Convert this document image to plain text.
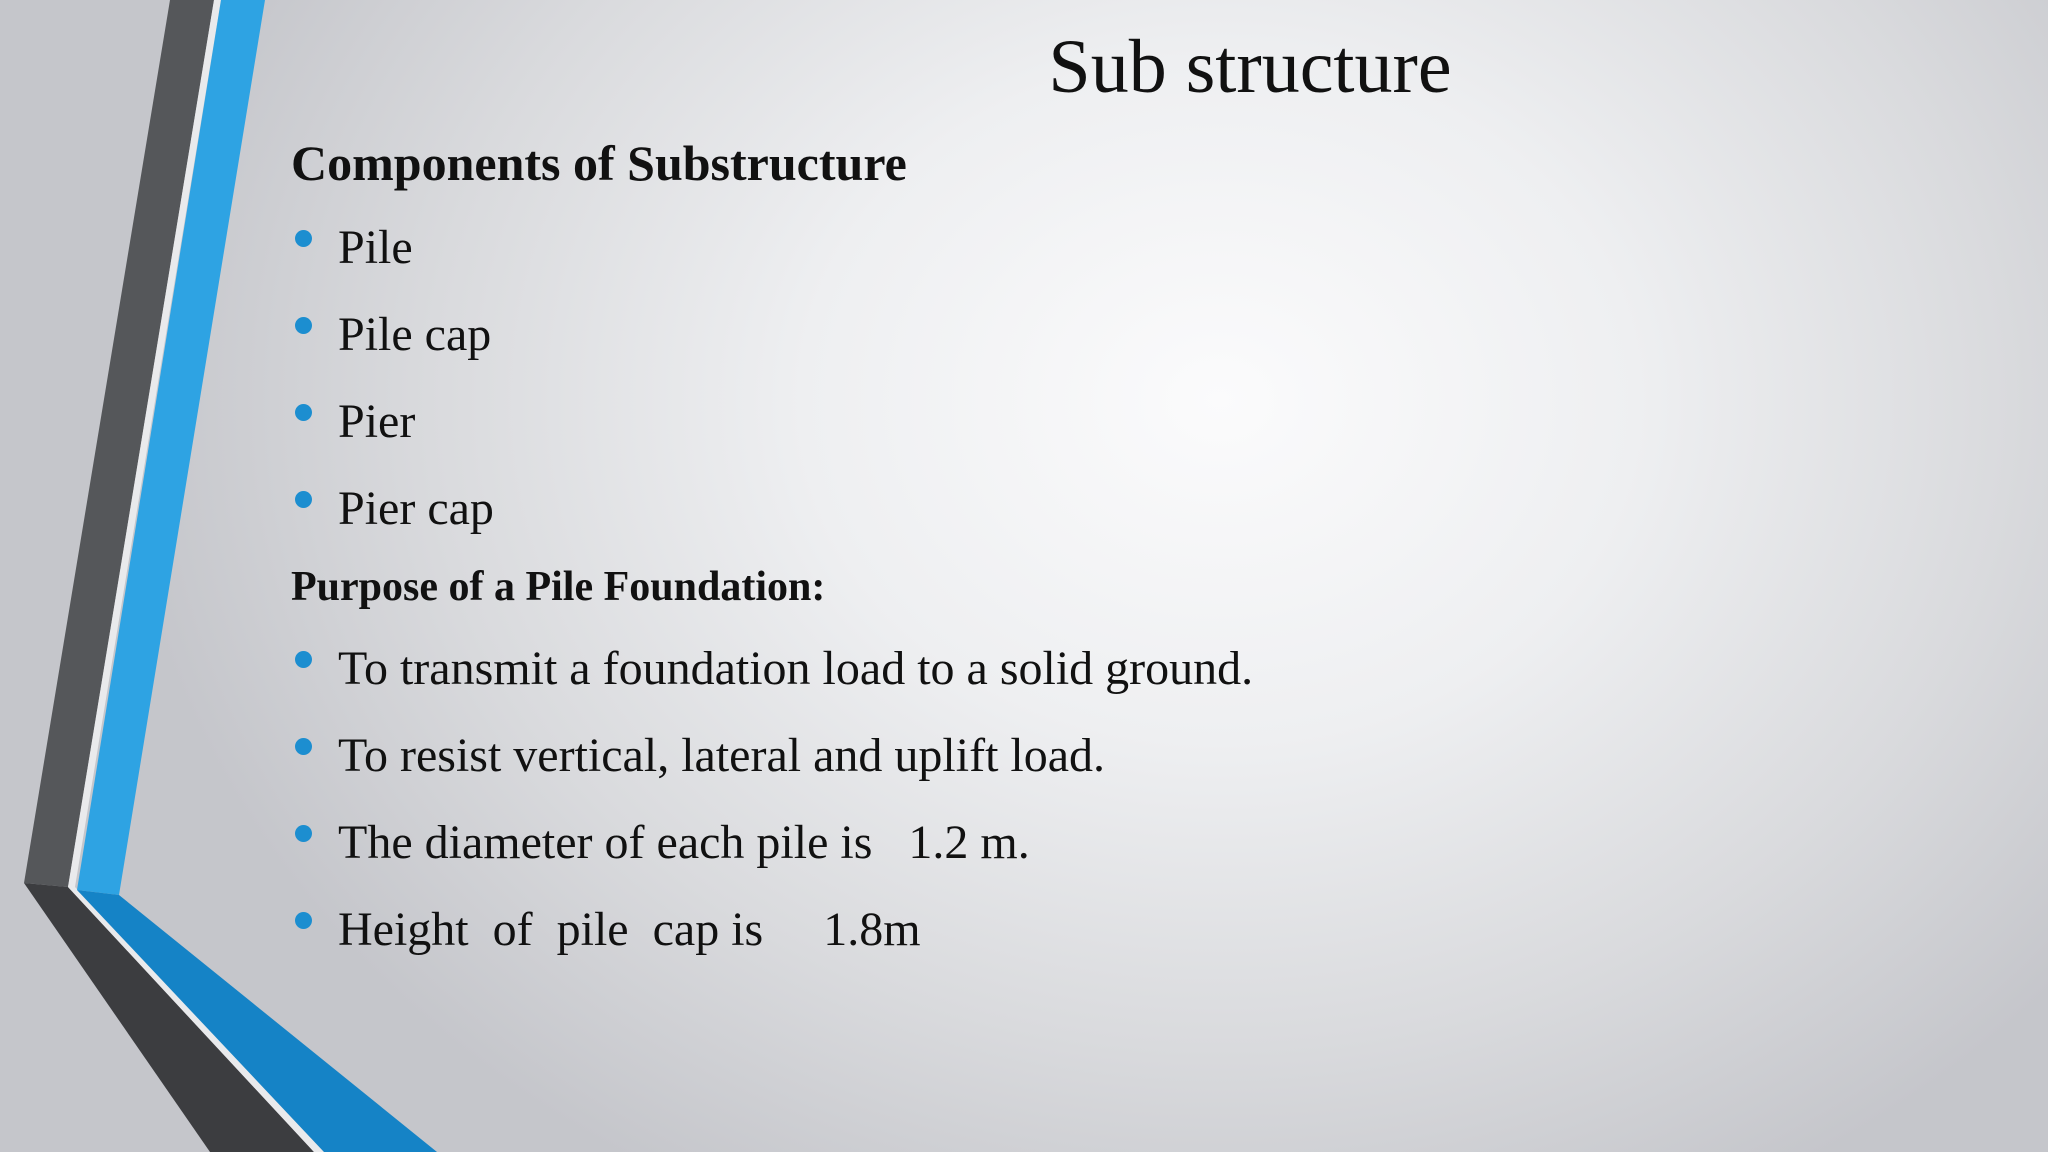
Sub structure
Components of Substructure
Pile
Pile cap
Pier
Pier cap
Purpose of a Pile Foundation:
To transmit a foundation load to a solid ground.
To resist vertical, lateral and uplift load.
The diameter of each pile is   1.2 m.
Height  of  pile  cap is     1.8m
